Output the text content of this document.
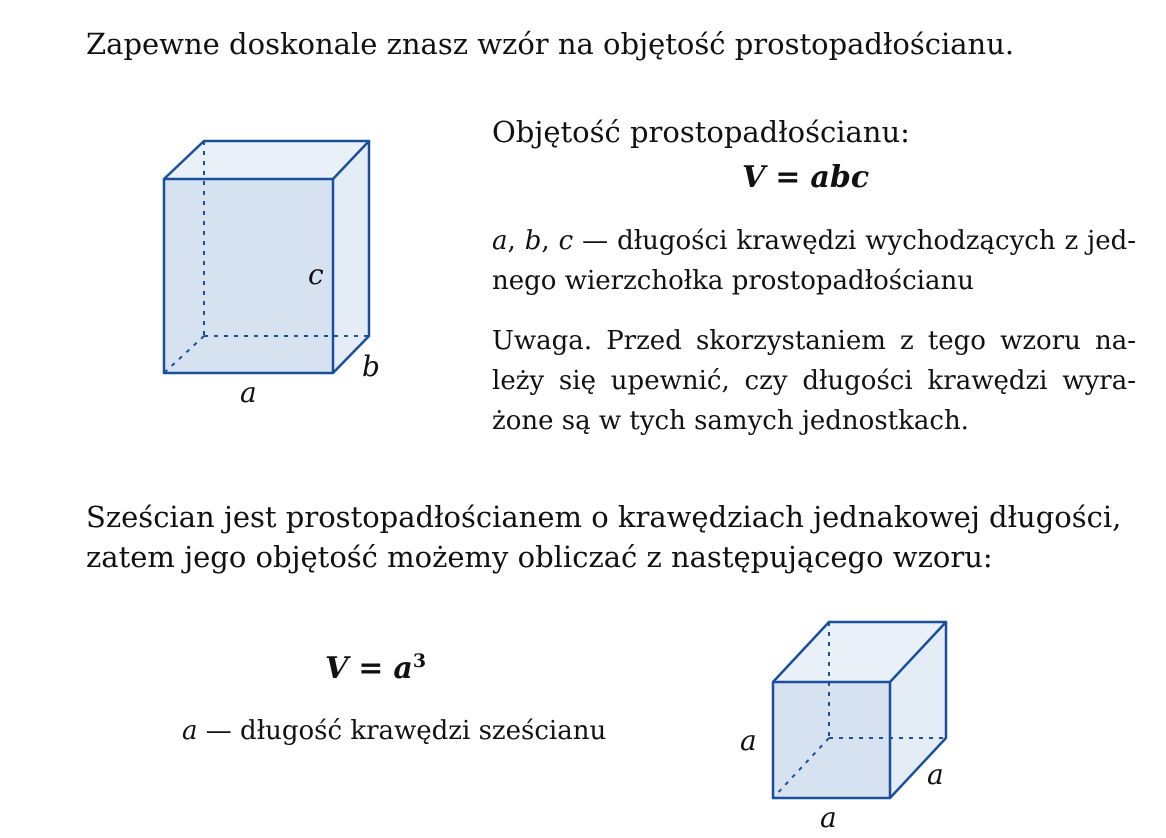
Zapewne doskonale znasz wzór na objętość prostopadłościanu.
c
b
a
Objętość prostopadłościanu:
V = abc
a, b, c — długości krawędzi wychodzących z jed-nego wierzchołka prostopadłościanu
Uwaga. Przed skorzystaniem z tego wzoru na-leży się upewnić, czy długości krawędzi wyra-żone są w tych samych jednostkach.
Sześcian jest prostopadłościanem o krawędziach jednakowej długości,
zatem jego objętość możemy obliczać z następującego wzoru:
$V = a^3$
a — długość krawędzi sześcianu	a
a
a
